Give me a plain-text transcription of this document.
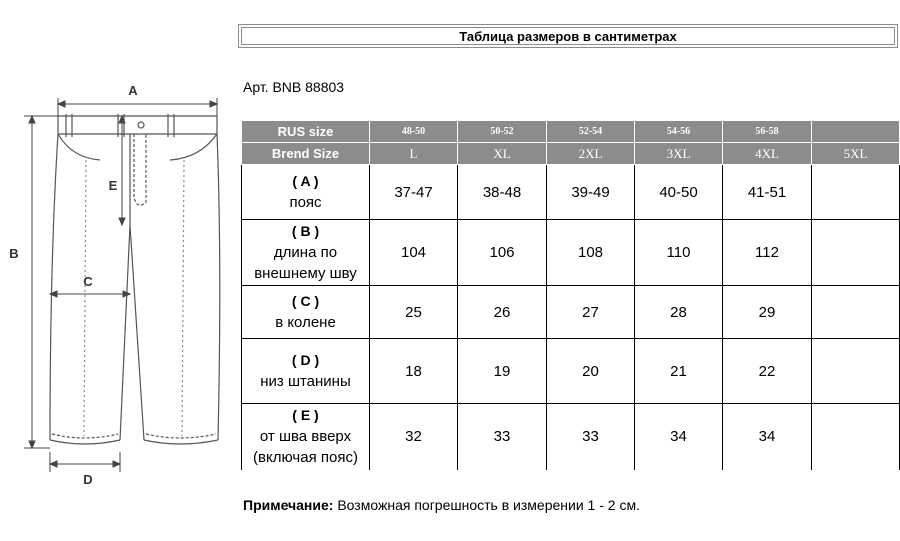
Таблица размеров в сантиметрах
Арт. BNB 88803
A
B
C
D
E
RUS size	48-50	50-52	52-54	54-56	56-58	
Brend Size	L	XL	2XL	3XL	4XL	5XL

( A )
пояс	37-47	38-48	39-49	40-50	41-51	

( B )
длина по внешнему шву	104	106	108	110	112	

( C )
в колене	25	26	27	28	29	

( D )
низ штанины	18	19	20	21	22	

( E )
от шва вверх (включая пояс)	32	33	33	34	34	
Примечание: Возможная погрешность в измерении 1 - 2 см.
